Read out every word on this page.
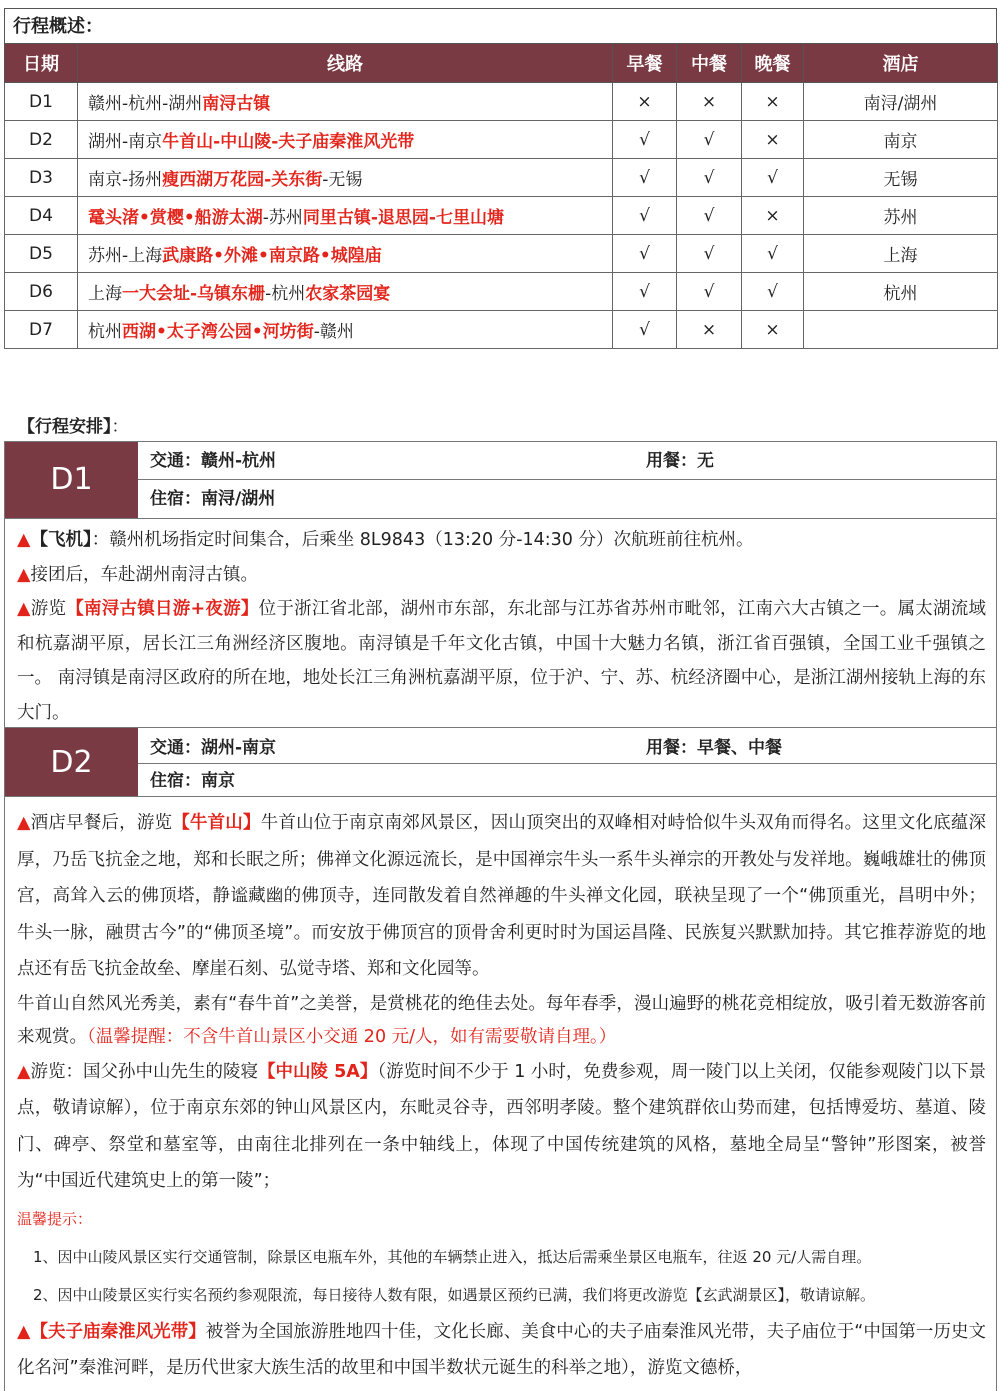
行程概述：
日期	线路	早餐	中餐	晚餐	酒店
D1	赣州-杭州-湖州南浔古镇	×	×	×	南浔/湖州
D2	湖州-南京牛首山-中山陵-夫子庙秦淮风光带	√	√	×	南京
D3	南京-扬州瘦西湖万花园-关东街-无锡	√	√	√	无锡
D4	鼋头渚•赏樱•船游太湖-苏州同里古镇-退思园-七里山塘	√	√	×	苏州
D5	苏州-上海武康路•外滩•南京路•城隍庙	√	√	√	上海
D6	上海一大会址-乌镇东栅-杭州农家茶园宴	√	√	√	杭州
D7	杭州西湖•太子湾公园•河坊街-赣州	√	×	×	
【行程安排】：
D1
交通：赣州-杭州	用餐：无
住宿：南浔/湖州

▲【飞机】：赣州机场指定时间集合，后乘坐 8L9843（13:20 分-14:30 分）次航班前往杭州。

▲接团后，车赴湖州南浔古镇。

▲游览【南浔古镇日游+夜游】位于浙江省北部，湖州市东部，东北部与江苏省苏州市毗邻，江南六大古镇之一。属太湖流域和杭嘉湖平原，居长江三角洲经济区腹地。南浔镇是千年文化古镇，中国十大魅力名镇，浙江省百强镇，全国工业千强镇之一。 南浔镇是南浔区政府的所在地，地处长江三角洲杭嘉湖平原，位于沪、宁、苏、杭经济圈中心，是浙江湖州接轨上海的东大门。

D2	交通：湖州-南京	用餐：早餐、中餐
住宿：南京

▲酒店早餐后，游览【牛首山】牛首山位于南京南郊风景区，因山顶突出的双峰相对峙恰似牛头双角而得名。这里文化底蕴深厚，乃岳飞抗金之地，郑和长眠之所；佛禅文化源远流长，是中国禅宗牛头一系牛头禅宗的开教处与发祥地。巍峨雄壮的佛顶宫，高耸入云的佛顶塔，静谧藏幽的佛顶寺，连同散发着自然禅趣的牛头禅文化园，联袂呈现了一个“佛顶重光，昌明中外；牛头一脉，融贯古今”的“佛顶圣境”。而安放于佛顶宫的顶骨舍利更时时为国运昌隆、民族复兴默默加持。其它推荐游览的地点还有岳飞抗金故垒、摩崖石刻、弘觉寺塔、郑和文化园等。

牛首山自然风光秀美，素有“春牛首”之美誉，是赏桃花的绝佳去处。每年春季，漫山遍野的桃花竞相绽放，吸引着无数游客前来观赏。（温馨提醒：不含牛首山景区小交通 20 元/人，如有需要敬请自理。）

▲游览：国父孙中山先生的陵寝【中山陵 5A】（游览时间不少于 1 小时，免费参观，周一陵门以上关闭，仅能参观陵门以下景点，敬请谅解），位于南京东郊的钟山风景区内，东毗灵谷寺，西邻明孝陵。整个建筑群依山势而建，包括博爱坊、墓道、陵门、碑亭、祭堂和墓室等，由南往北排列在一条中轴线上，体现了中国传统建筑的风格，墓地全局呈“警钟”形图案，被誉为“中国近代建筑史上的第一陵”；

温馨提示：
1、因中山陵风景区实行交通管制，除景区电瓶车外，其他的车辆禁止进入，抵达后需乘坐景区电瓶车，往返 20 元/人需自理。
2、因中山陵景区实行实名预约参观限流，每日接待人数有限，如遇景区预约已满，我们将更改游览【玄武湖景区】，敬请谅解。

▲【夫子庙秦淮风光带】被誉为全国旅游胜地四十佳，文化长廊、美食中心的夫子庙秦淮风光带，夫子庙位于“中国第一历史文化名河”秦淮河畔，是历代世家大族生活的故里和中国半数状元诞生的科举之地），游览文德桥，
